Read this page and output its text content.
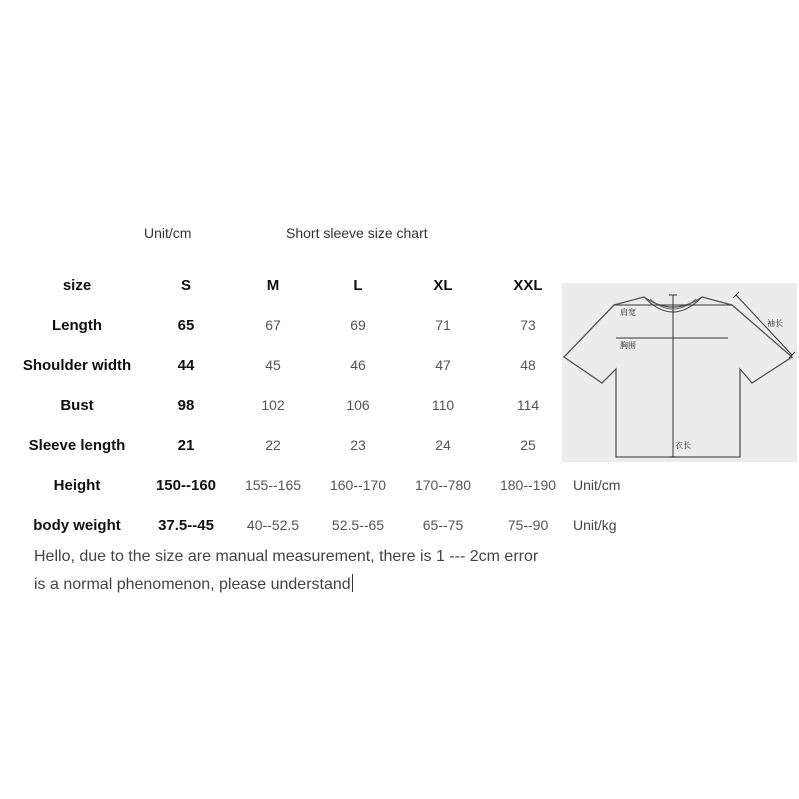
Unit/cm	Short sleeve size chart
size	S	M	L	XL	XXL
Length	65	67	69	71	73
Shoulder width	44	45	46	47	48
Bust	98	102	106	110	114
Sleeve length	21	22	23	24	25
Height	150--160	155--165	160--170	170--780	180--190	Unit/cm
body weight	37.5--45	40--52.5	52.5--65	65--75	75--90	Unit/kg
Hello, due to the size are manual measurement, there is 1 --- 2cm error
is a normal phenomenon, please understand
肩宽
胸围
袖长
衣长
